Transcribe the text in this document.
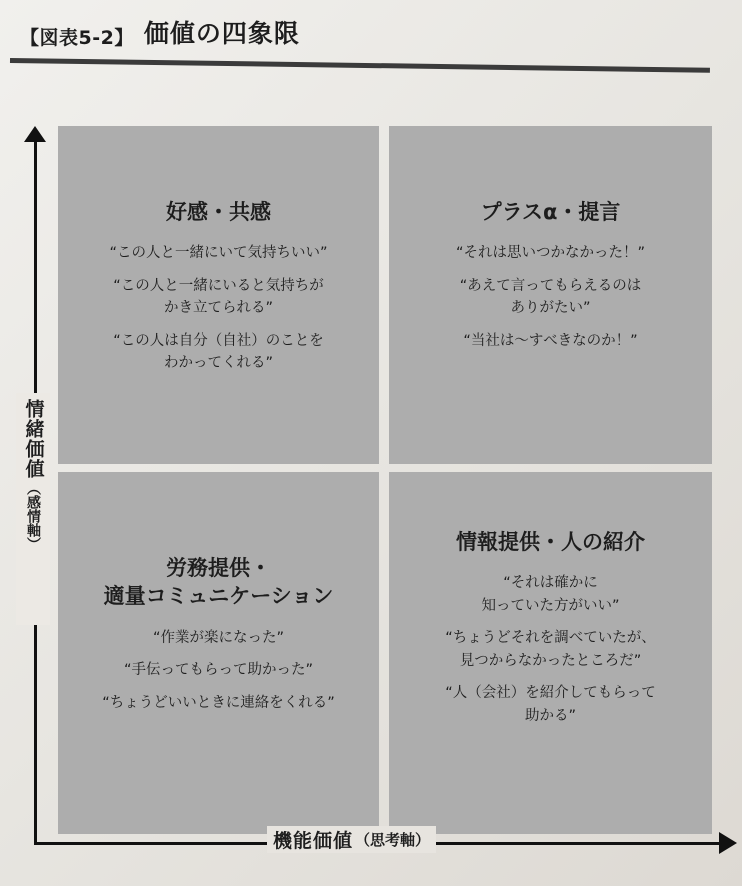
【図表5-2】 価値の四象限
好感・共感
“この人と一緒にいて気持ちいい”
“この人と一緒にいると気持ちが
かき立てられる”
“この人は自分（自社）のことを
わかってくれる”
プラスα・提言
“それは思いつかなかった！”
“あえて言ってもらえるのは
ありがたい”
“当社は～すべきなのか！”
労務提供・
適量コミュニケーション
“作業が楽になった”
“手伝ってもらって助かった”
“ちょうどいいときに連絡をくれる”
情報提供・人の紹介
“それは確かに
知っていた方がいい”
“ちょうどそれを調べていたが、
見つからなかったところだ”
“人（会社）を紹介してもらって
助かる”
情緒価値
（感情軸）
機能価値 （思考軸）
